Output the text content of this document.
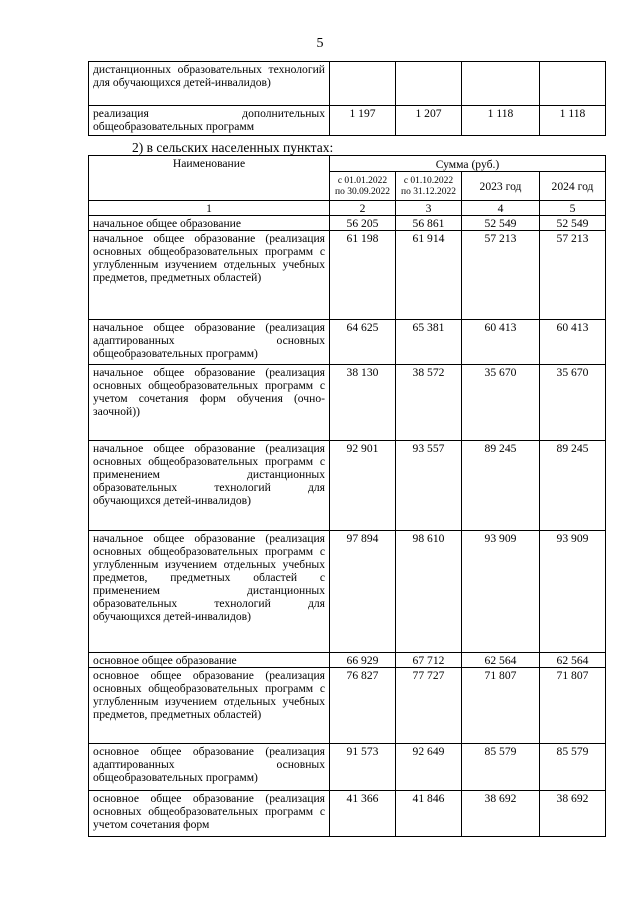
5
дистанционных образовательных технологий для обучающихся детей-инвалидов)				
реализация дополнительных общеобразовательных программ	1 197	1 207	1 118	1 118
2) в сельских населенных пунктах:
Наименование	Сумма (руб.)			
	с 01.01.2022 по 30.09.2022	с 01.10.2022 по 31.12.2022	2023 год	2024 год
1	2	3	4	5
начальное общее образование	56 205	56 861	52 549	52 549
начальное общее образование (реализация основных общеобразовательных программ с углубленным изучением отдельных учебных предметов, предметных областей)	61 198	61 914	57 213	57 213
начальное общее образование (реализация адаптированных основных общеобразовательных программ)	64 625	65 381	60 413	60 413
начальное общее образование (реализация основных общеобразовательных программ с учетом сочетания форм обучения (очно-заочной))	38 130	38 572	35 670	35 670
начальное общее образование (реализация основных общеобразовательных программ с применением дистанционных образовательных технологий для обучающихся детей-инвалидов)	92 901	93 557	89 245	89 245
начальное общее образование (реализация основных общеобразовательных программ с углубленным изучением отдельных учебных предметов, предметных областей с применением дистанционных образовательных технологий для обучающихся детей-инвалидов)	97 894	98 610	93 909	93 909
основное общее образование	66 929	67 712	62 564	62 564
основное общее образование (реализация основных общеобразовательных программ с углубленным изучением отдельных учебных предметов, предметных областей)	76 827	77 727	71 807	71 807
основное общее образование (реализация адаптированных основных общеобразовательных программ)	91 573	92 649	85 579	85 579
основное общее образование (реализация основных общеобразовательных программ с учетом сочетания форм	41 366	41 846	38 692	38 692
